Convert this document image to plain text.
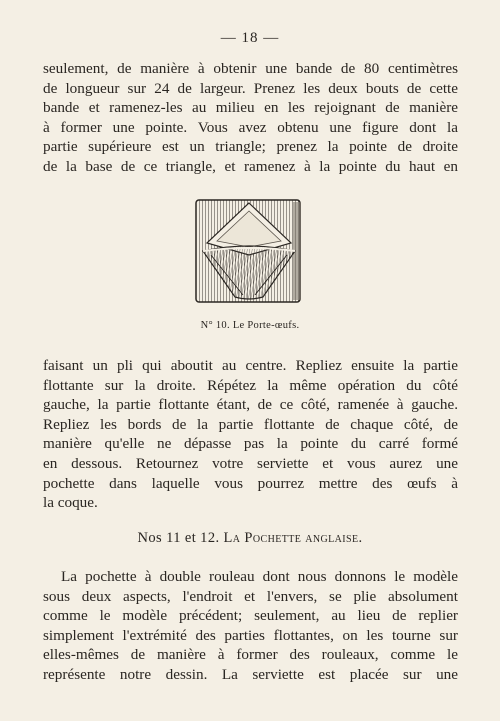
— 18 —
seulement, de manière à obtenir une bande de 80 centimètres
de longueur sur 24 de largeur. Prenez les deux bouts de cette
bande et ramenez-les au milieu en les rejoignant de manière
à former une pointe. Vous avez obtenu une figure dont la
partie supérieure est un triangle; prenez la pointe de droite
de la base de ce triangle, et ramenez à la pointe du haut en
N° 10. Le Porte-œufs.
faisant un pli qui aboutit au centre. Repliez ensuite la partie
flottante sur la droite. Répétez la même opération du côté
gauche, la partie flottante étant, de ce côté, ramenée à gauche.
Repliez les bords de la partie flottante de chaque côté, de
manière qu'elle ne dépasse pas la pointe du carré formé
en dessous. Retournez votre serviette et vous aurez une
pochette dans laquelle vous pourrez mettre des œufs à
la coque.
Nos 11 et 12. La Pochette anglaise.
La pochette à double rouleau dont nous donnons le modèle
sous deux aspects, l'endroit et l'envers, se plie absolument
comme le modèle précédent; seulement, au lieu de replier
simplement l'extrémité des parties flottantes, on les tourne sur
elles-mêmes de manière à former des rouleaux, comme le
représente notre dessin. La serviette est placée sur une
